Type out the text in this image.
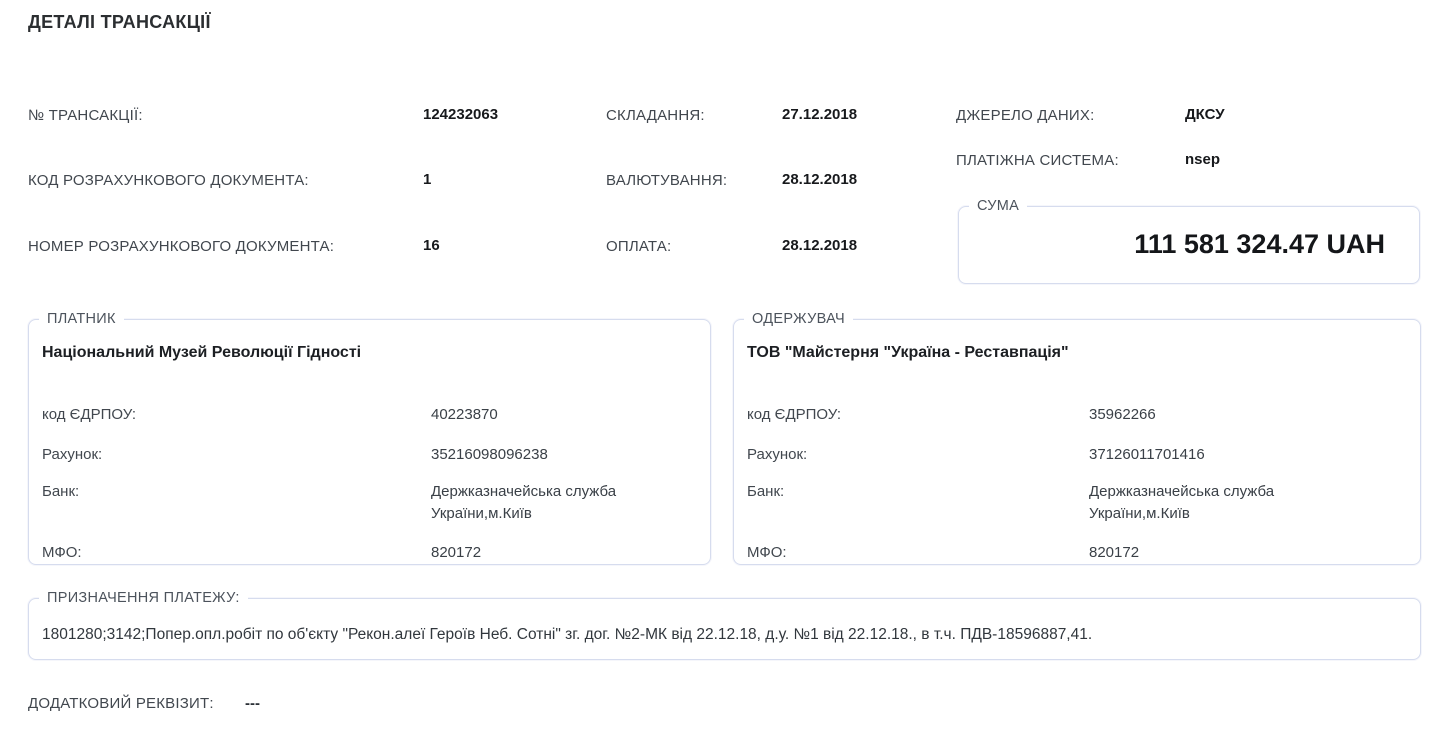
ДЕТАЛІ ТРАНСАКЦІЇ
№ ТРАНСАКЦІЇ:	124232063
КОД РОЗРАХУНКОВОГО ДОКУМЕНТА:	1
НОМЕР РОЗРАХУНКОВОГО ДОКУМЕНТА:	16
СКЛАДАННЯ:	27.12.2018
ВАЛЮТУВАННЯ:	28.12.2018
ОПЛАТА:	28.12.2018
ДЖЕРЕЛО ДАНИХ:	ДКСУ
ПЛАТІЖНА СИСТЕМА:	nsep
СУМА
111 581 324.47 UAH
ПЛАТНИК
Національний Музей Революції Гідності
код ЄДРПОУ:	40223870
Рахунок:	35216098096238
Банк:	Держказначейська служба України,м.Київ
МФО:	820172
ОДЕРЖУВАЧ
ТОВ "Майстерня "Україна - Реставпація"
код ЄДРПОУ:	35962266
Рахунок:	37126011701416
Банк:	Держказначейська служба України,м.Київ
МФО:	820172
ПРИЗНАЧЕННЯ ПЛАТЕЖУ:
1801280;3142;Попер.опл.робіт по об'єкту "Рекон.алеї Героїв Неб. Сотні" зг. дог. №2-МК від 22.12.18, д.у. №1 від 22.12.18., в т.ч. ПДВ-18596887,41.
ДОДАТКОВИЙ РЕКВІЗИТ: ---
